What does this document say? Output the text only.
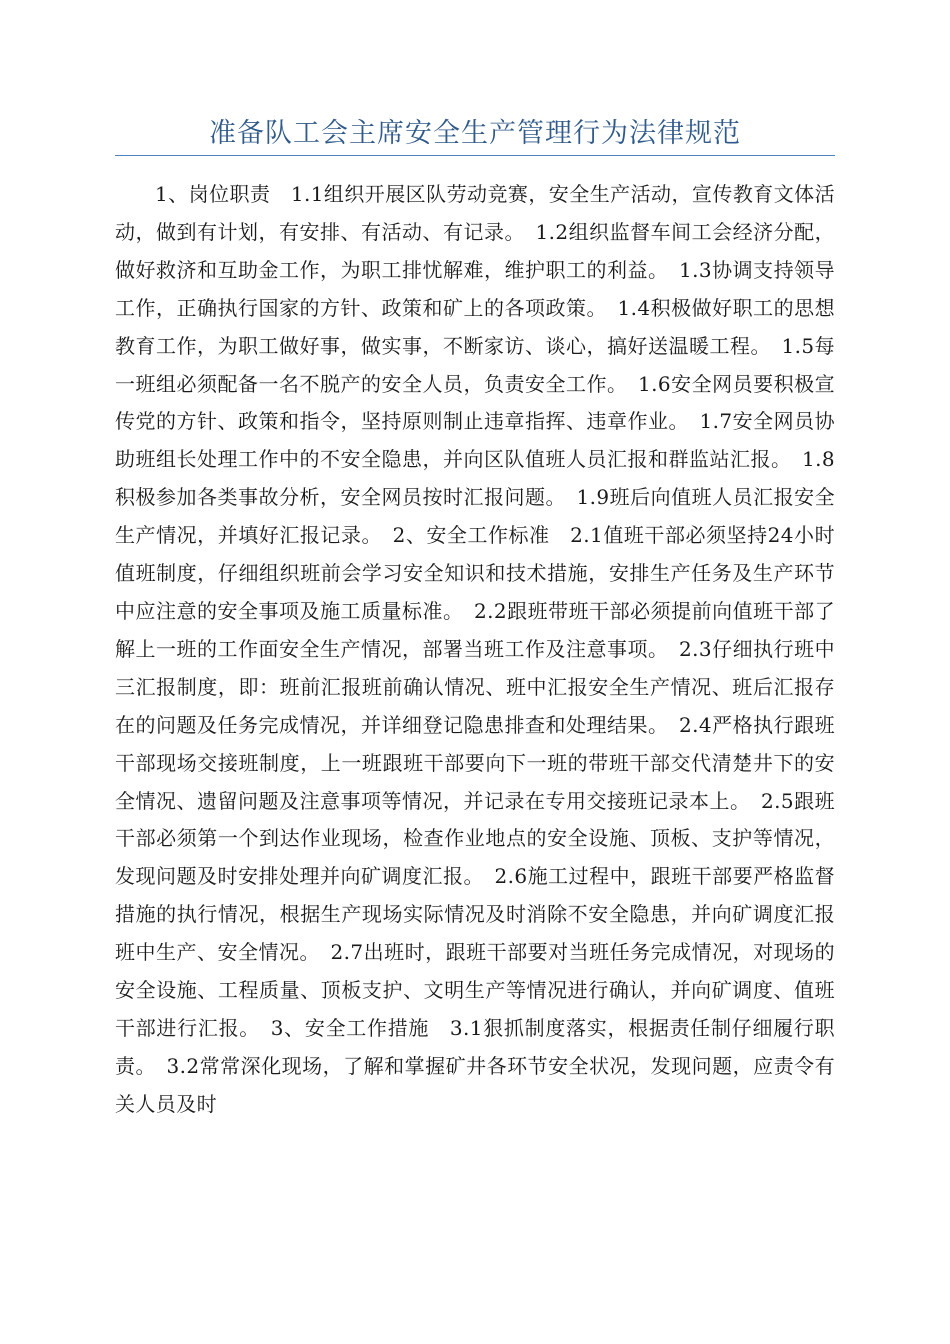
准备队工会主席安全生产管理行为法律规范

1、岗位职责　1.1组织开展区队劳动竞赛，安全生产活动，宣传教育文体活动，做到有计划，有安排、有活动、有记录。　1.2组织监督车间工会经济分配，做好救济和互助金工作，为职工排忧解难，维护职工的利益。　1.3协调支持领导工作，正确执行国家的方针、政策和矿上的各项政策。　1.4积极做好职工的思想教育工作，为职工做好事，做实事，不断家访、谈心，搞好送温暖工程。　1.5每一班组必须配备一名不脱产的安全人员，负责安全工作。　1.6安全网员要积极宣传党的方针、政策和指令，坚持原则制止违章指挥、违章作业。　1.7安全网员协助班组长处理工作中的不安全隐患，并向区队值班人员汇报和群监站汇报。　1.8积极参加各类事故分析，安全网员按时汇报问题。　1.9班后向值班人员汇报安全生产情况，并填好汇报记录。　2、安全工作标准　2.1值班干部必须坚持24小时值班制度，仔细组织班前会学习安全知识和技术措施，安排生产任务及生产环节中应注意的安全事项及施工质量标准。　2.2跟班带班干部必须提前向值班干部了解上一班的工作面安全生产情况，部署当班工作及注意事项。　2.3仔细执行班中三汇报制度，即：班前汇报班前确认情况、班中汇报安全生产情况、班后汇报存在的问题及任务完成情况，并详细登记隐患排查和处理结果。　2.4严格执行跟班干部现场交接班制度，上一班跟班干部要向下一班的带班干部交代清楚井下的安全情况、遗留问题及注意事项等情况，并记录在专用交接班记录本上。　2.5跟班干部必须第一个到达作业现场，检查作业地点的安全设施、顶板、支护等情况，发现问题及时安排处理并向矿调度汇报。　2.6施工过程中，跟班干部要严格监督措施的执行情况，根据生产现场实际情况及时消除不安全隐患，并向矿调度汇报班中生产、安全情况。　2.7出班时，跟班干部要对当班任务完成情况，对现场的安全设施、工程质量、顶板支护、文明生产等情况进行确认，并向矿调度、值班干部进行汇报。　3、安全工作措施　3.1狠抓制度落实，根据责任制仔细履行职责。　3.2常常深化现场，了解和掌握矿井各环节安全状况，发现问题，应责令有关人员及时
